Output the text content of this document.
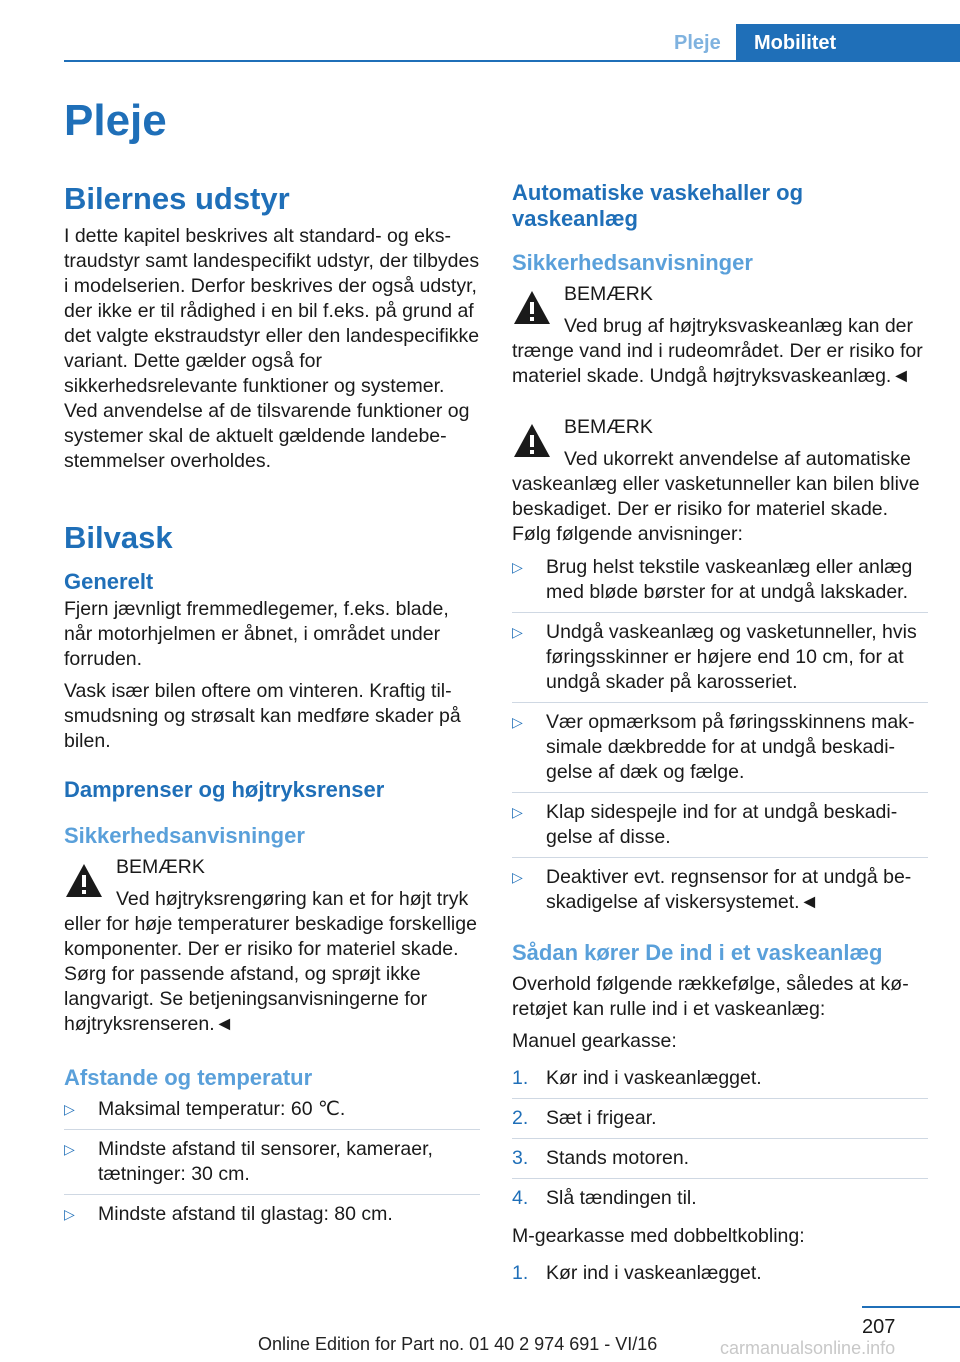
Pleje	Mobilitet
Pleje
Bilernes udstyr

I dette kapitel beskrives alt standard- og ekstraudstyr samt landespecifikt udstyr, der tilbydes i modelserien. Derfor beskrives der også udstyr, der ikke er til rådighed i en bil f.eks. på grund af det valgte ekstraudstyr eller den landespecifikke variant. Dette gælder også for sikkerhedsrelevante funktioner og systemer. Ved anvendelse af de tilsvarende funktioner og systemer skal de aktuelt gældende landebestemmelser overholdes.

Bilvask
Generelt

Fjern jævnligt fremmedlegemer, f.eks. blade, når motorhjelmen er åbnet, i området under forruden.

Vask især bilen oftere om vinteren. Kraftig tilsmudsning og strøsalt kan medføre skader på bilen.

Damprenser og højtryksrenser
Sikkerhedsanvisninger
BEMÆRK
Ved højtryksrengøring kan et for højt tryk eller for høje temperaturer beskadige forskellige komponenter. Der er risiko for materiel skade. Sørg for passende afstand, og sprøjt ikke langvarigt. Se betjeningsanvisningerne for højtryksrenseren.◄
Afstande og temperatur
▷ Maksimal temperatur: 60 ℃.
▷ Mindste afstand til sensorer, kameraer, tætninger: 30 cm.
▷ Mindste afstand til glastag: 80 cm.
Automatiske vaskehaller og vaskeanlæg
Sikkerhedsanvisninger
BEMÆRK
Ved brug af højtryksvaskeanlæg kan der trænge vand ind i rudeområdet. Der er risiko for materiel skade. Undgå højtryksvaskeanlæg.◄
BEMÆRK
Ved ukorrekt anvendelse af automatiske vaskeanlæg eller vasketunneller kan bilen blive beskadiget. Der er risiko for materiel skade. Følg følgende anvisninger:
▷ Brug helst tekstile vaskeanlæg eller anlæg med bløde børster for at undgå lakskader.
▷ Undgå vaskeanlæg og vasketunneller, hvis føringsskinner er højere end 10 cm, for at undgå skader på karosseriet.
▷ Vær opmærksom på føringsskinnens maksimale dækbredde for at undgå beskadigelse af dæk og fælge.
▷ Klap sidespejle ind for at undgå beskadigelse af disse.
▷ Deaktiver evt. regnsensor for at undgå beskadigelse af viskersystemet.◄
Sådan kører De ind i et vaskeanlæg

Overhold følgende rækkefølge, således at køretøjet kan rulle ind i et vaskeanlæg:

Manuel gearkasse:

1. Kør ind i vaskeanlægget.
2. Sæt i frigear.
3. Stands motoren.
4. Slå tændingen til.

M-gearkasse med dobbeltkobling:

1. Kør ind i vaskeanlægget.
207
Online Edition for Part no. 01 40 2 974 691 - VI/16	carmanualsonline.info
